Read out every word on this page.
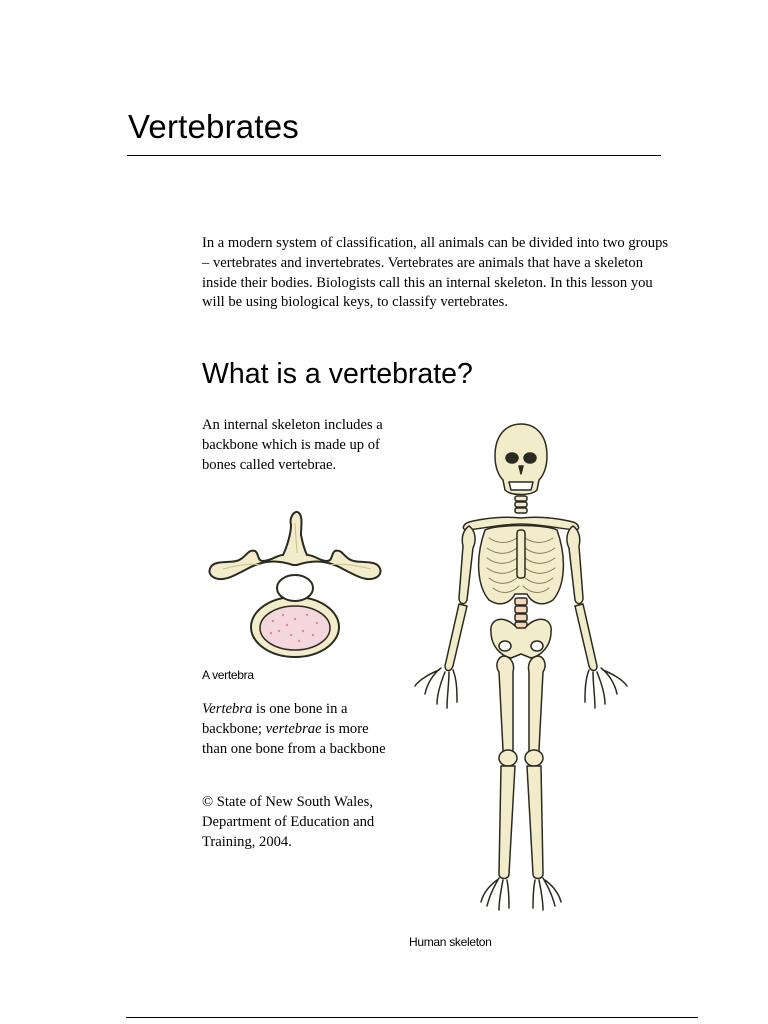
Vertebrates

In a modern system of classification, all animals can be divided into two groups – vertebrates and invertebrates. Vertebrates are animals that have a skeleton inside their bodies. Biologists call this an internal skeleton. In this lesson you will be using biological keys, to classify vertebrates.

What is a vertebrate?

An internal skeleton includes a backbone which is made up of bones called vertebrae.

A vertebra

Vertebra is one bone in a backbone; vertebrae is more than one bone from a backbone

© State of New South Wales, Department of Education and Training, 2004.

Human skeleton
